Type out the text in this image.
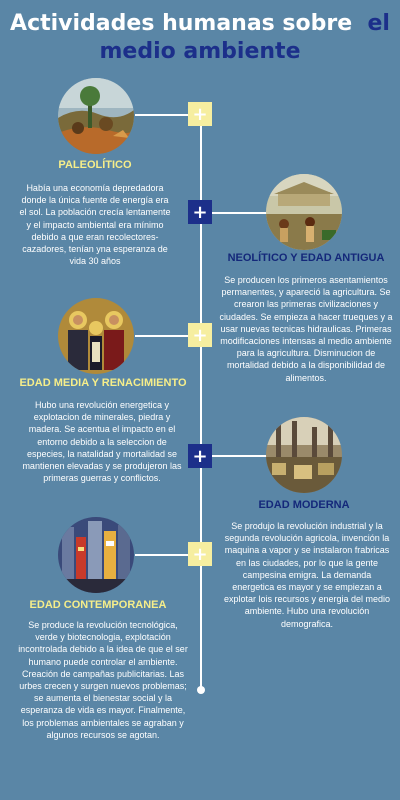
Actividades humanas sobre el
medio ambiente
+
PALEOLÍTICO
Había una economía depredadora donde la única fuente de energía era el sol. La población crecía lentamente y el impacto ambiental era mínimo debido a que eran recolectores-cazadores, tenían yna esperanza de vida 30 años
+
NEOLÍTICO Y EDAD ANTIGUA
Se producen los primeros asentamientos permanentes, y apareció la agricultura. Se crearon las primeras civilizaciones y ciudades. Se empieza a hacer trueques y a usar nuevas tecnicas hidraulicas. Primeras modificaciones intensas al medio ambiente para la agricultura. Disminucion de mortalidad debido a la disponibilidad de alimentos.
+
EDAD MEDIA Y RENACIMIENTO
Hubo una revolución energetica y explotacion de minerales, piedra y madera. Se acentua el impacto en el entorno debido a la seleccion de especies, la natalidad y mortalidad se mantienen elevadas y se produjeron las primeras guerras y conflictos.
+
EDAD MODERNA
Se produjo la revolución industrial y la segunda revolución agricola, invención la maquina a vapor y se instalaron frabricas en las ciudades, por lo que la gente campesina emigra. La demanda energetica es mayor y se empiezan a explotar lois recursos y energia del medio ambiente. Hubo una revolución demografica.
+
EDAD CONTEMPORANEA
Se produce la revolución tecnológica, verde y biotecnologia, explotación incontrolada debido a la idea de que el ser humano puede controlar el ambiente. Creación de campañas publicitarias. Las urbes crecen y surgen nuevos problemas; se aumenta el bienestar social y la esperanza de vida es mayor. Finalmente, los problemas ambientales se agraban y algunos recursos se agotan.
